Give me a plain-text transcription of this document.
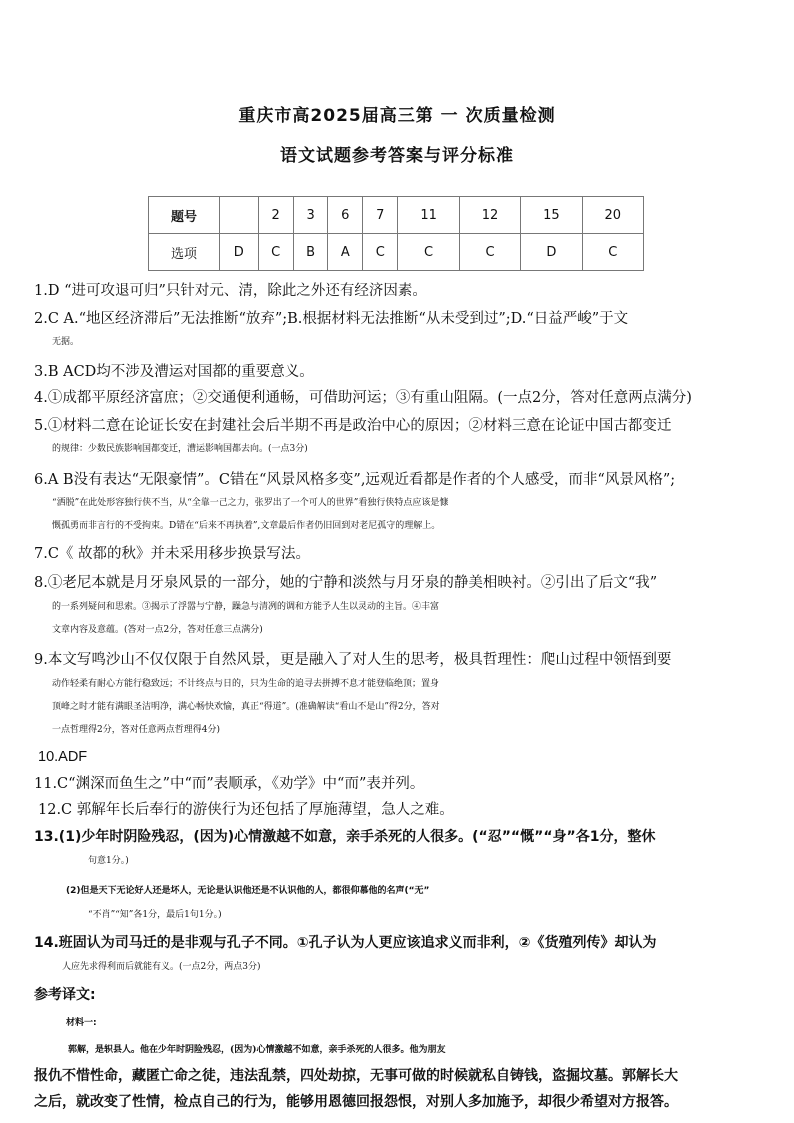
重庆市高2025届高三第 一 次质量检测
语文试题参考答案与评分标准
题号		2	3	6	7	11	12	15	20
选项	D	C	B	A	C	C	C	D	C
1.D “进可攻退可归”只针对元、清，除此之外还有经济因素。
2.C A.“地区经济滞后”无法推断“放弃”;B.根据材料无法推断“从未受到过”;D.“日益严峻”于文
无据。
3.B ACD均不涉及漕运对国都的重要意义。
4.①成都平原经济富庶；②交通便利通畅，可借助河运；③有重山阻隔。(一点2分，答对任意两点满分)
5.①材料二意在论证长安在封建社会后半期不再是政治中心的原因；②材料三意在论证中国古都变迁
的规律：少数民族影响国都变迁，漕运影响国都去向。(一点3分)
6.A B没有表达“无限豪情”。C错在“风景风格多变”,远观近看都是作者的个人感受，而非“风景风格”;
“洒脱”在此处形容独行侠不当，从“全靠一己之力，张罗出了一个可人的世界”看独行侠特点应该是慷
慨孤勇而非言行的不受拘束。D错在“后来不再执着”,文章最后作者仍旧回到对老尼孤守的理解上。
7.C《 故都的秋》并未采用移步换景写法。
8.①老尼本就是月牙泉风景的一部分，她的宁静和淡然与月牙泉的静美相映衬。②引出了后文“我”
的一系列疑问和思索。③揭示了浮嚣与宁静，躁急与清冽的调和方能予人生以灵动的主旨。④丰富
文章内容及意蕴。(答对一点2分，答对任意三点满分)
9.本文写鸣沙山不仅仅限于自然风景，更是融入了对人生的思考，极具哲理性：爬山过程中领悟到要
动作轻柔有耐心方能行稳致远；不计终点与日的，只为生命的追寻去拼搏不息才能登临绝顶；置身
顶峰之时才能有满眼圣洁明净，满心畅快欢愉，真正“得道”。(准确解读“看山不是山”得2分，答对
一点哲理得2分，答对任意两点哲理得4分)
10.ADF
11.C“渊深而鱼生之”中“而”表顺承，《劝学》中“而”表并列。
12.C 郭解年长后奉行的游侠行为还包括了厚施薄望，急人之难。
13.(1)少年时阴险残忍，(因为)心情激越不如意，亲手杀死的人很多。(“忍”“慨”“身”各1分，整休
句意1分。)
(2)但是天下无论好人还是坏人，无论是认识他还是不认识他的人，都很仰慕他的名声(“无”
“不肖”“知”各1分，最后1句1分。)
14.班固认为司马迁的是非观与孔子不同。①孔子认为人更应该追求义而非利，②《货殖列传》却认为
人应先求得利而后就能有义。(一点2分，两点3分)
参考译文:
材料一:
郭解，是轵县人。他在少年时阴险残忍，(因为)心情激越不如意，亲手杀死的人很多。他为朋友
报仇不惜性命，藏匿亡命之徒，违法乱禁，四处劫掠，无事可做的时候就私自铸钱，盗掘坟墓。郭解长大
之后，就改变了性情，检点自己的行为，能够用恩德回报怨恨，对别人多加施予，却很少希望对方报答。
